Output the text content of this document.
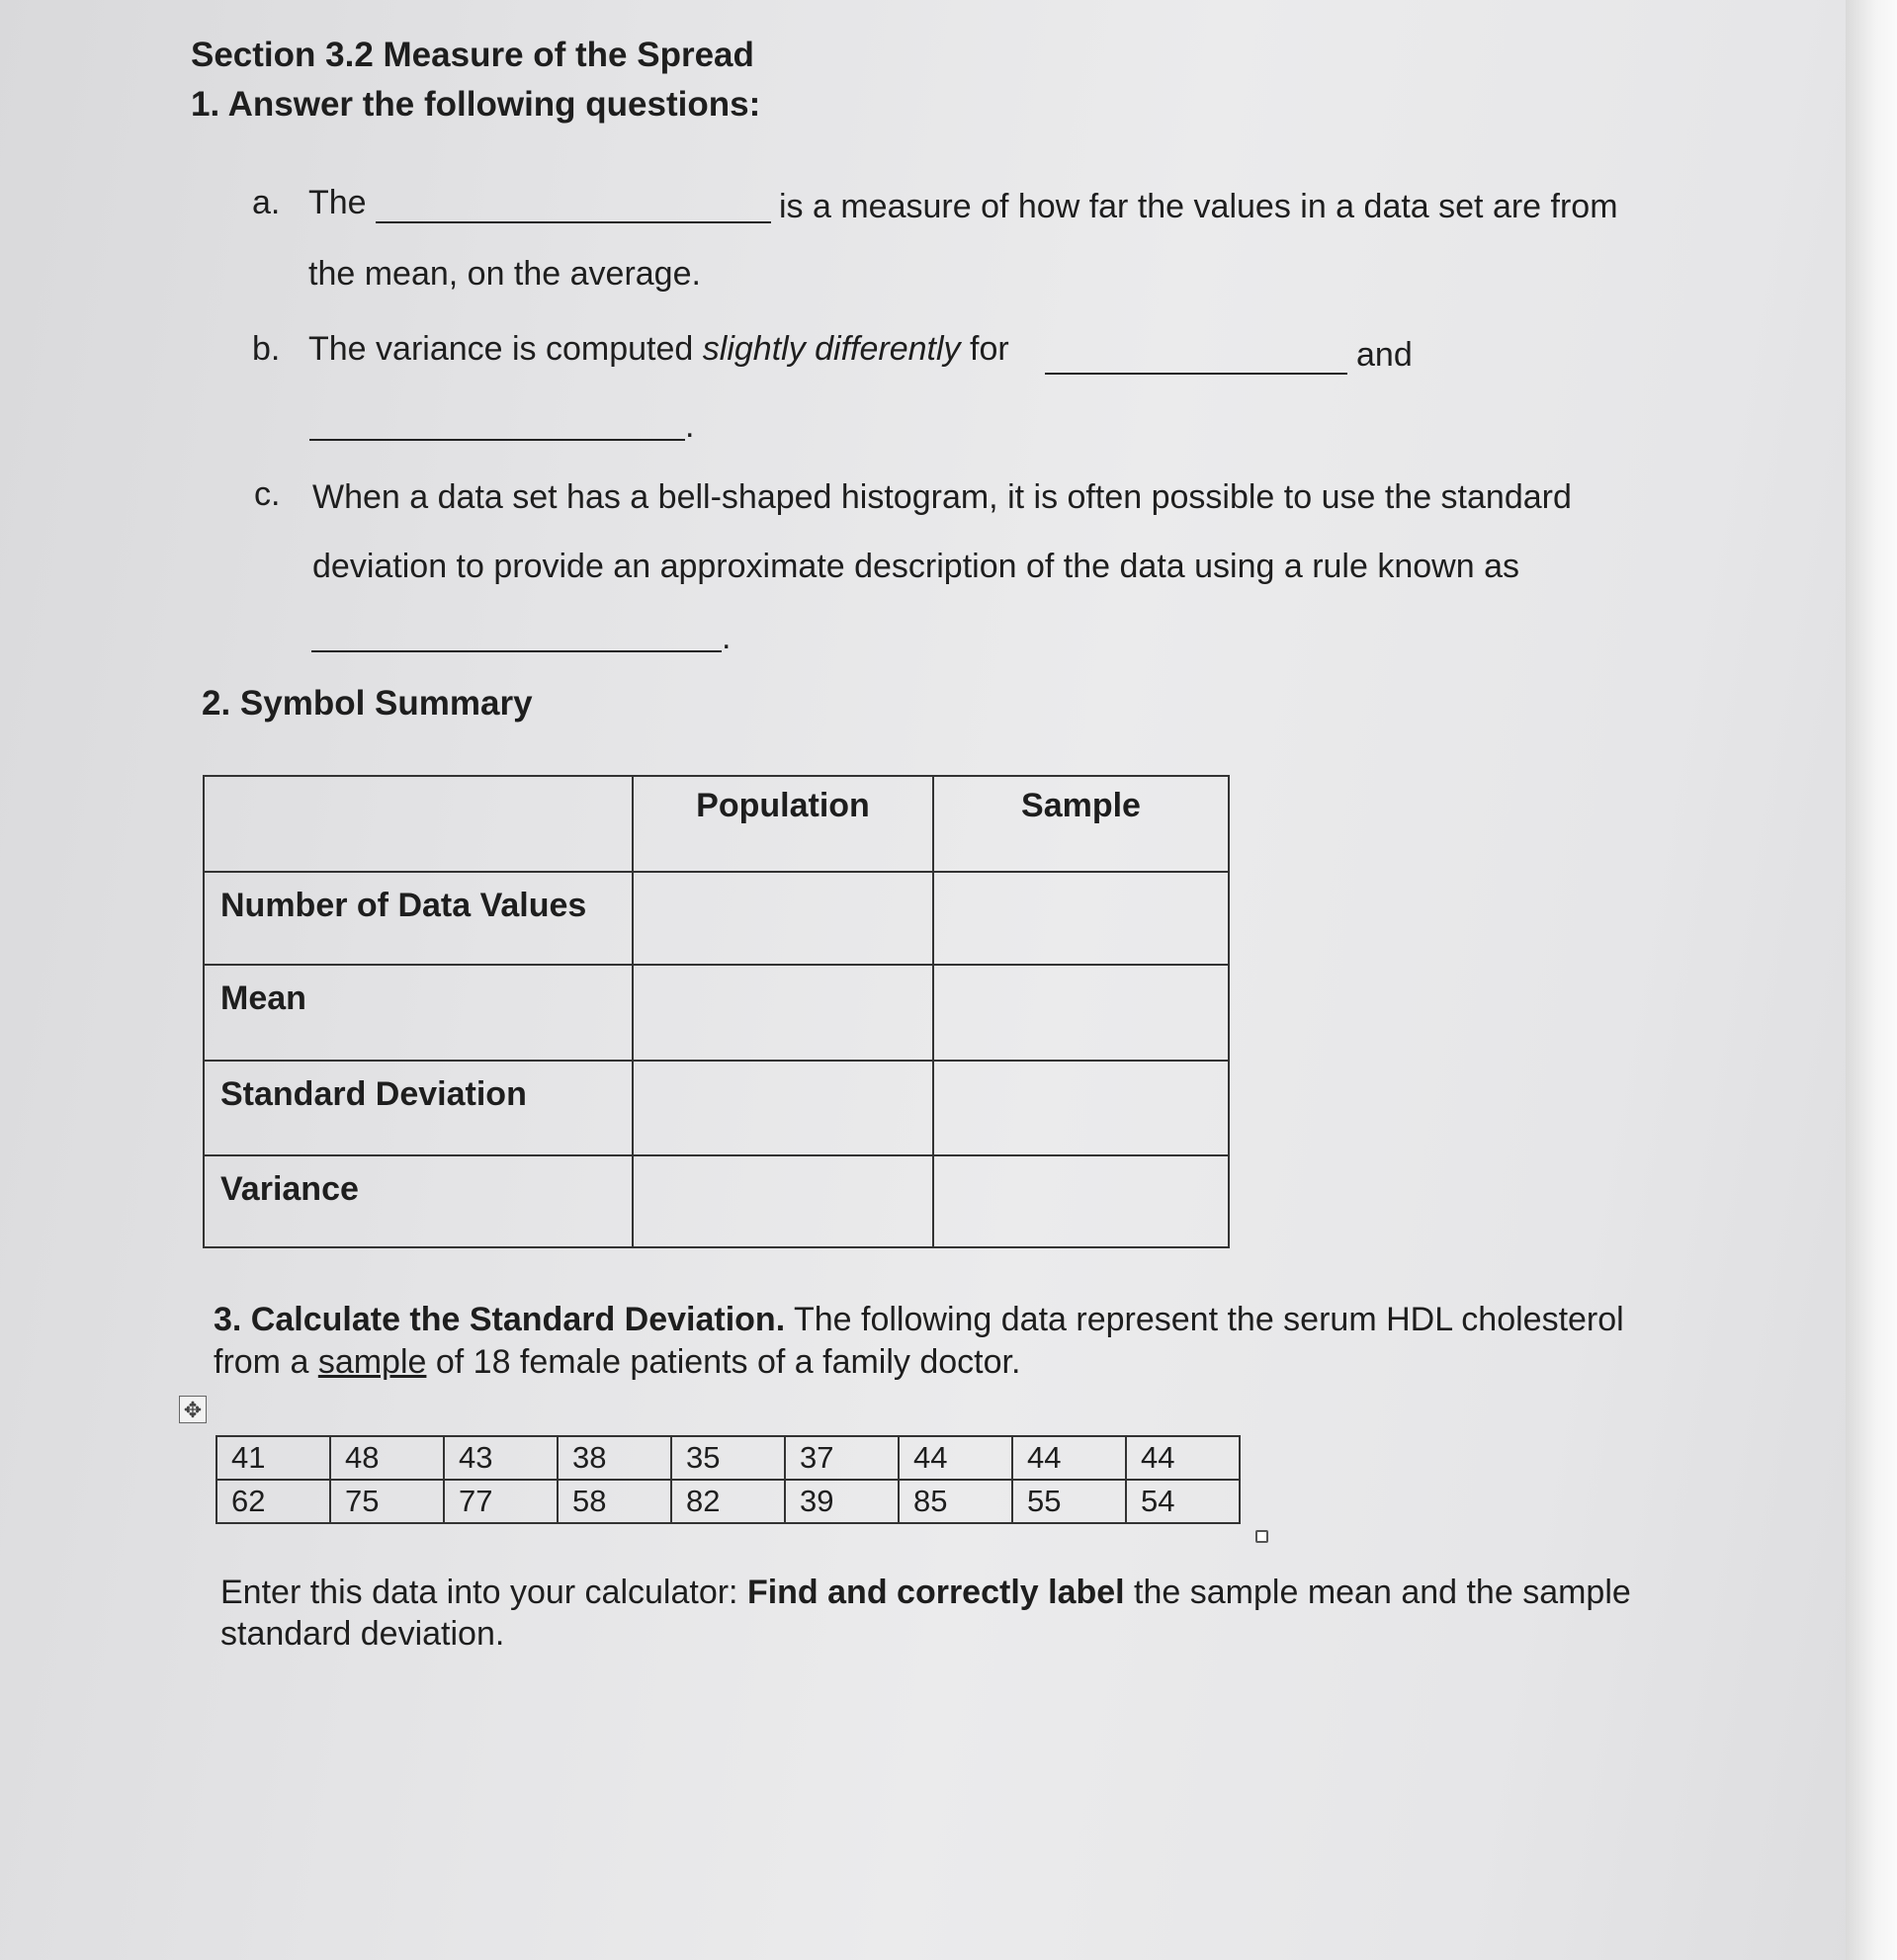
Section 3.2 Measure of the Spread
1. Answer the following questions:
a. The	is a measure of how far the values in a data set are from
the mean, on the average.
b. The variance is computed slightly differently for	and
.
c. When a data set has a bell-shaped histogram, it is often possible to use the standard
deviation to provide an approximate description of the data using a rule known as
.
2. Symbol Summary
	Population	Sample
Number of Data Values		
Mean		
Standard Deviation		
Variance		
3. Calculate the Standard Deviation. The following data represent the serum HDL cholesterol
from a sample of 18 female patients of a family doctor.
✥
41	48	43	38	35	37	44	44	44
62	75	77	58	82	39	85	55	54
Enter this data into your calculator: Find and correctly label the sample mean and the sample
standard deviation.
